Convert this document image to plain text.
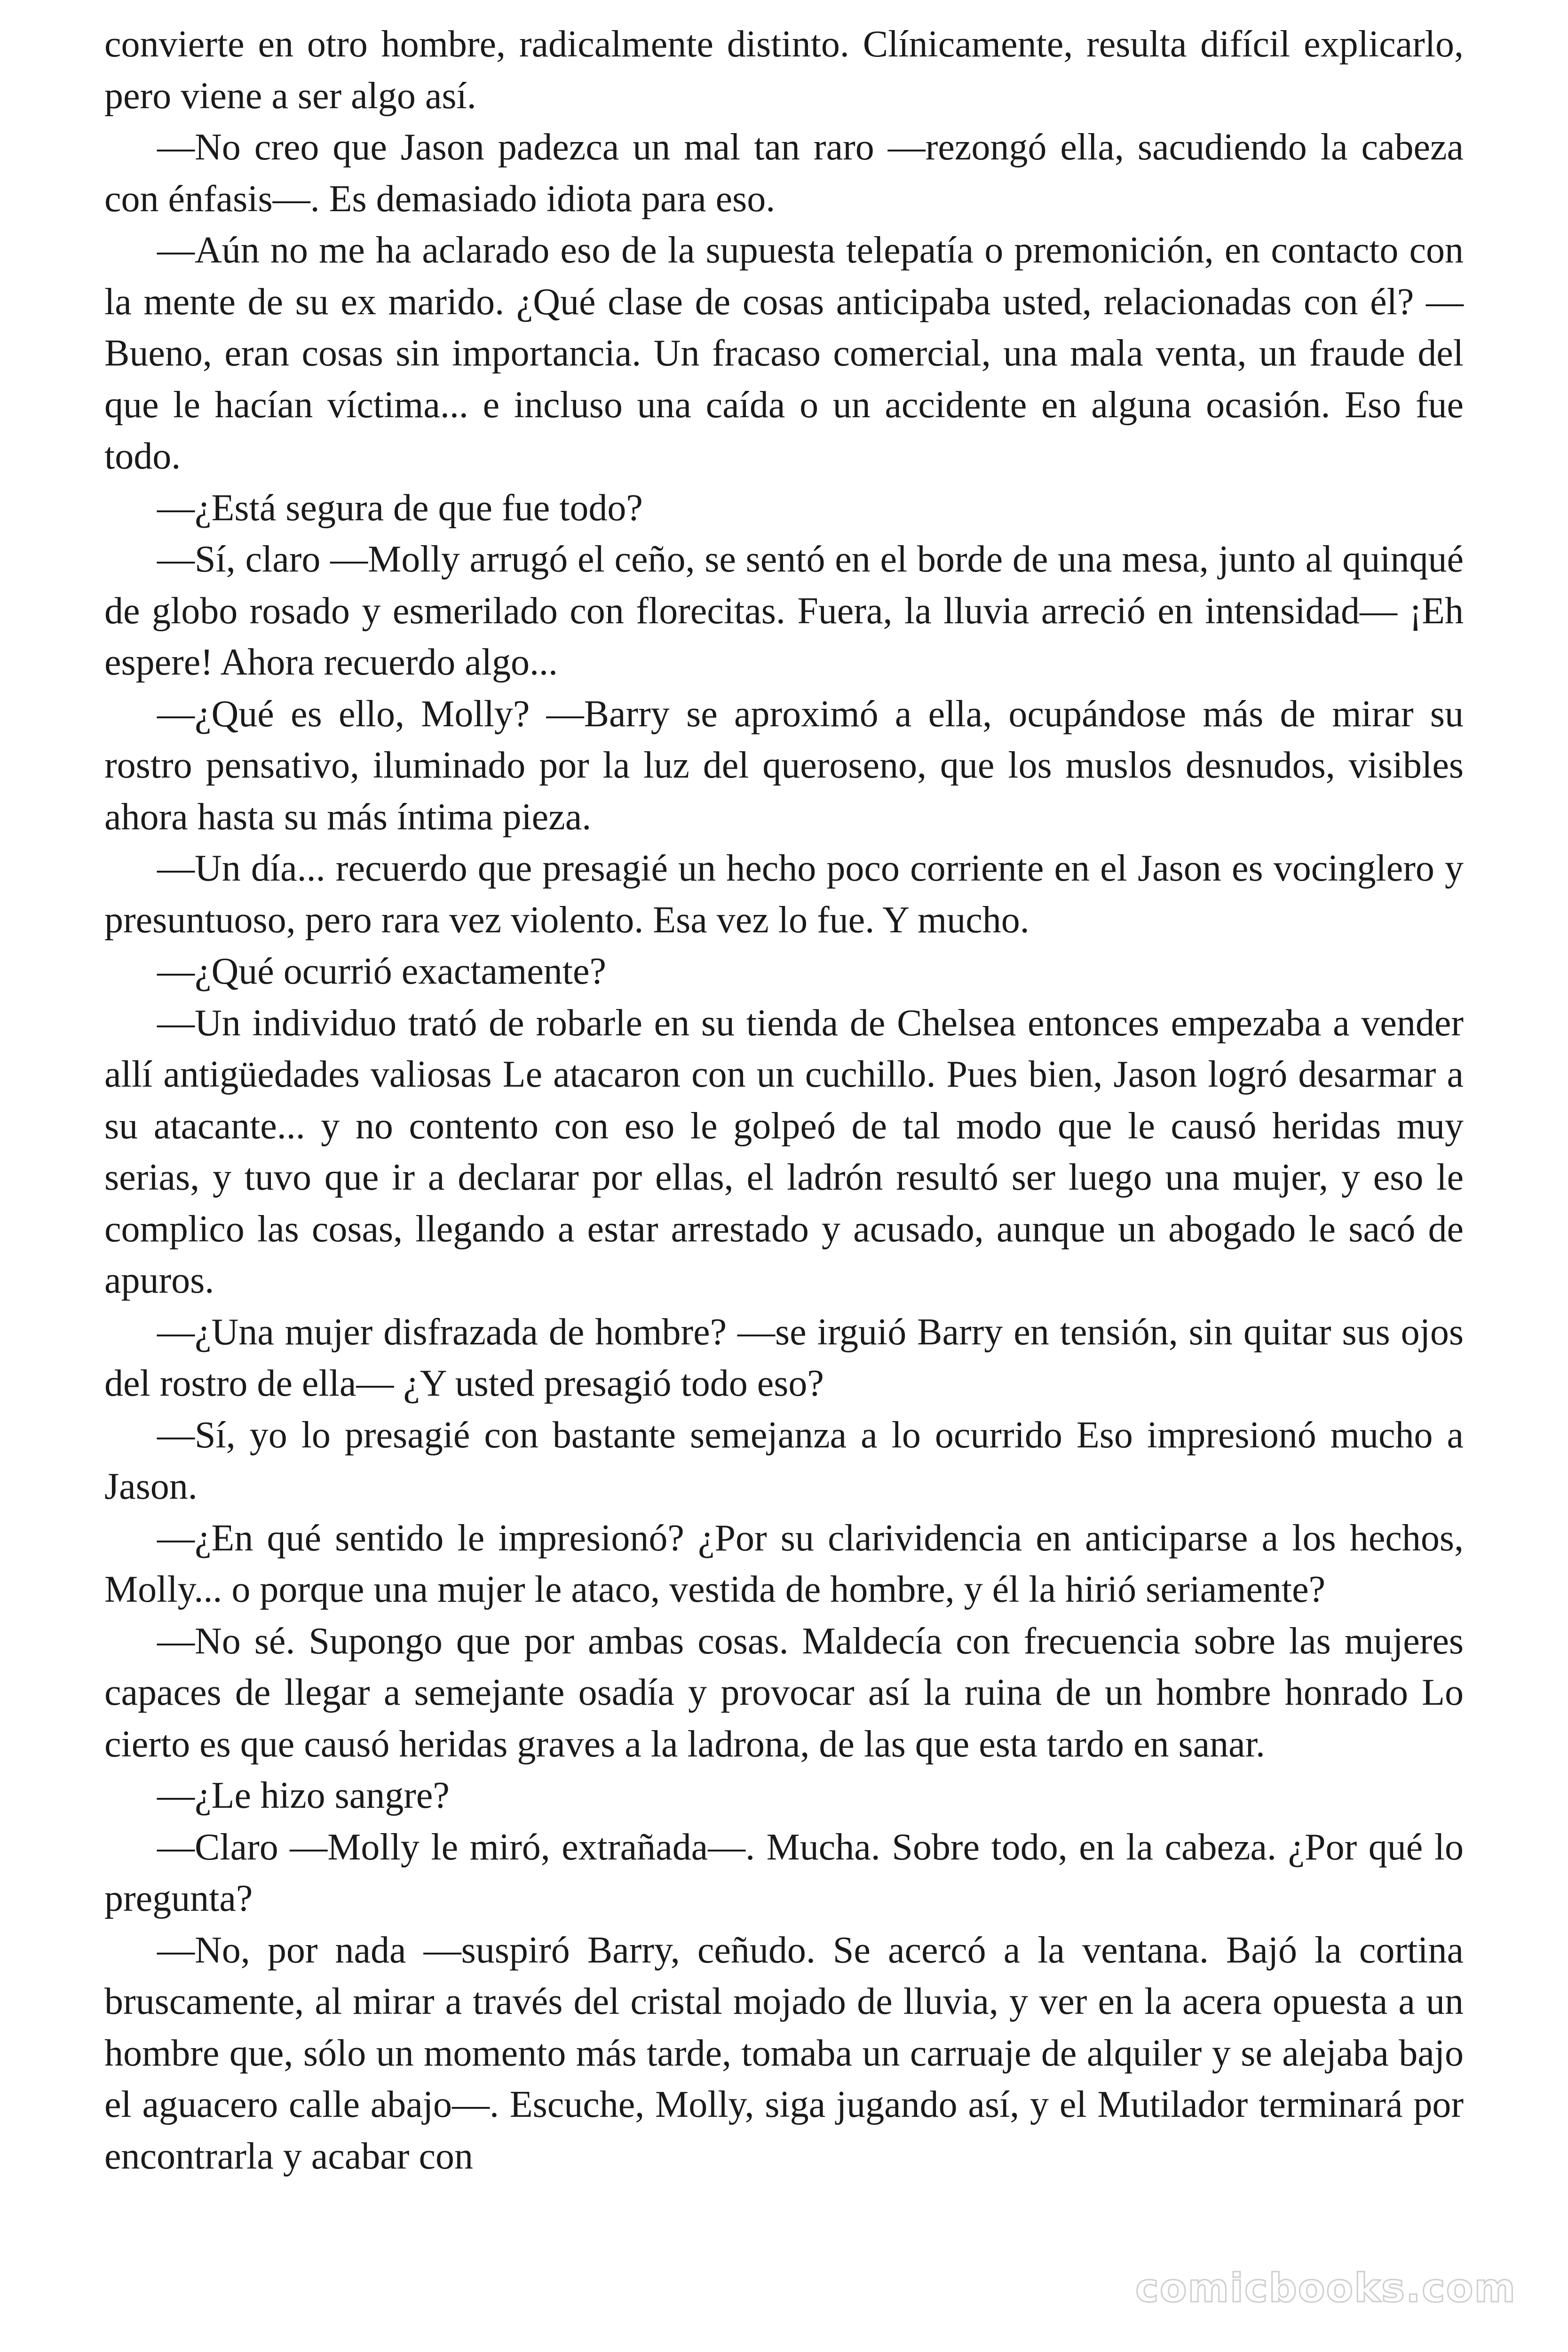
convierte en otro hombre, radicalmente distinto. Clínicamente, resulta difícil explicarlo, pero viene a ser algo así.

—No creo que Jason padezca un mal tan raro —rezongó ella, sacudiendo la cabeza con énfasis—. Es demasiado idiota para eso.

—Aún no me ha aclarado eso de la supuesta telepatía o premonición, en contacto con la mente de su ex marido. ¿Qué clase de cosas anticipaba usted, relacionadas con él? —Bueno, eran cosas sin importancia. Un fracaso comercial, una mala venta, un fraude del que le hacían víctima... e incluso una caída o un accidente en alguna ocasión. Eso fue todo.

—¿Está segura de que fue todo?

—Sí, claro —Molly arrugó el ceño, se sentó en el borde de una mesa, junto al quinqué de globo rosado y esmerilado con florecitas. Fuera, la lluvia arreció en intensidad— ¡Eh espere! Ahora recuerdo algo...

—¿Qué es ello, Molly? —Barry se aproximó a ella, ocupándose más de mirar su rostro pensativo, iluminado por la luz del queroseno, que los muslos desnudos, visibles ahora hasta su más íntima pieza.

—Un día... recuerdo que presagié un hecho poco corriente en el Jason es vocinglero y presuntuoso, pero rara vez violento. Esa vez lo fue. Y mucho.

—¿Qué ocurrió exactamente?

—Un individuo trató de robarle en su tienda de Chelsea entonces empezaba a vender allí antigüedades valiosas Le atacaron con un cuchillo. Pues bien, Jason logró desarmar a su atacante... y no contento con eso le golpeó de tal modo que le causó heridas muy serias, y tuvo que ir a declarar por ellas, el ladrón resultó ser luego una mujer, y eso le complico las cosas, llegando a estar arrestado y acusado, aunque un abogado le sacó de apuros.

—¿Una mujer disfrazada de hombre? —se irguió Barry en tensión, sin quitar sus ojos del rostro de ella— ¿Y usted presagió todo eso?

—Sí, yo lo presagié con bastante semejanza a lo ocurrido Eso impresionó mucho a Jason.

—¿En qué sentido le impresionó? ¿Por su clarividencia en anticiparse a los hechos, Molly... o porque una mujer le ataco, vestida de hombre, y él la hirió seriamente?

—No sé. Supongo que por ambas cosas. Maldecía con frecuencia sobre las mujeres capaces de llegar a semejante osadía y provocar así la ruina de un hombre honrado Lo cierto es que causó heridas graves a la ladrona, de las que esta tardo en sanar.

—¿Le hizo sangre?

—Claro —Molly le miró, extrañada—. Mucha. Sobre todo, en la cabeza. ¿Por qué lo pregunta?

—No, por nada —suspiró Barry, ceñudo. Se acercó a la ventana. Bajó la cortina bruscamente, al mirar a través del cristal mojado de lluvia, y ver en la acera opuesta a un hombre que, sólo un momento más tarde, tomaba un carruaje de alquiler y se alejaba bajo el aguacero calle abajo—. Escuche, Molly, siga jugando así, y el Mutilador terminará por encontrarla y acabar con

comicbooks.com
